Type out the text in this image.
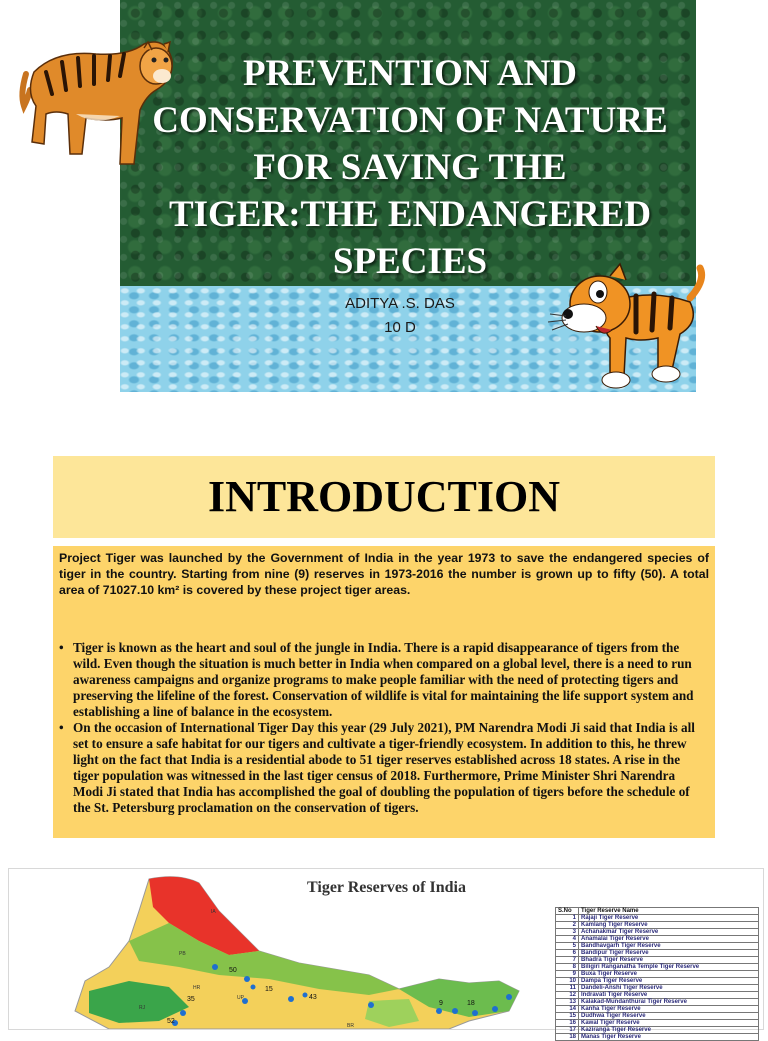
PREVENTION AND CONSERVATION OF NATURE FOR SAVING THE TIGER:THE ENDANGERED SPECIES
ADITYA .S. DAS
10 D
INTRODUCTION

Project Tiger was launched by the Government of India in the year 1973 to save the endangered species of tiger in the country. Starting from nine (9) reserves in 1973-2016 the number is grown up to fifty (50). A total area of 71027.10 km² is covered by these project tiger areas.

• Tiger is known as the heart and soul of the jungle in India. There is a rapid disappearance of tigers from the wild. Even though the situation is much better in India when compared on a global level, there is a need to run awareness campaigns and organize programs to make people familiar with the need of protecting tigers and preserving the lifeline of the forest. Conservation of wildlife is vital for maintaining the life support system and establishing a line of balance in the ecosystem.
• On the occasion of International Tiger Day this year (29 July 2021), PM Narendra Modi Ji said that India is all set to ensure a safe habitat for our tigers and cultivate a tiger-friendly ecosystem. In addition to this, he threw light on the fact that India is a residential abode to 51 tiger reserves established across 18 states. A rise in the tiger population was witnessed in the last tiger census of 2018. Furthermore, Prime Minister Shri Narendra Modi Ji stated that India has accomplished the goal of doubling the population of tigers before the schedule of the St. Petersburg proclamation on the conservation of tigers.
50
15
35
52
43
9	18
IA
PB
HR
UP
RJ
BR
Tiger Reserves of India
S.No	Tiger Reserve Name
1	Rajaji Tiger Reserve
2	Kamlang Tiger Reserve
3	Achanakmar Tiger Reserve
4	Anamalai Tiger Reserve
5	Bandhavgarh Tiger Reserve
6	Bandipur Tiger Reserve
7	Bhadra Tiger Reserve
8	Biligiri Ranganatha Temple Tiger Reserve
9	Buxa Tiger Reserve
10	Dampa Tiger Reserve
11	Dandeli-Anshi Tiger Reserve
12	Indravati Tiger Reserve
13	Kalakad-Mundanthurai Tiger Reserve
14	Kanha Tiger Reserve
15	Dudhwa Tiger Reserve
16	Kawal Tiger Reserve
17	Kaziranga Tiger Reserve
18	Manas Tiger Reserve
